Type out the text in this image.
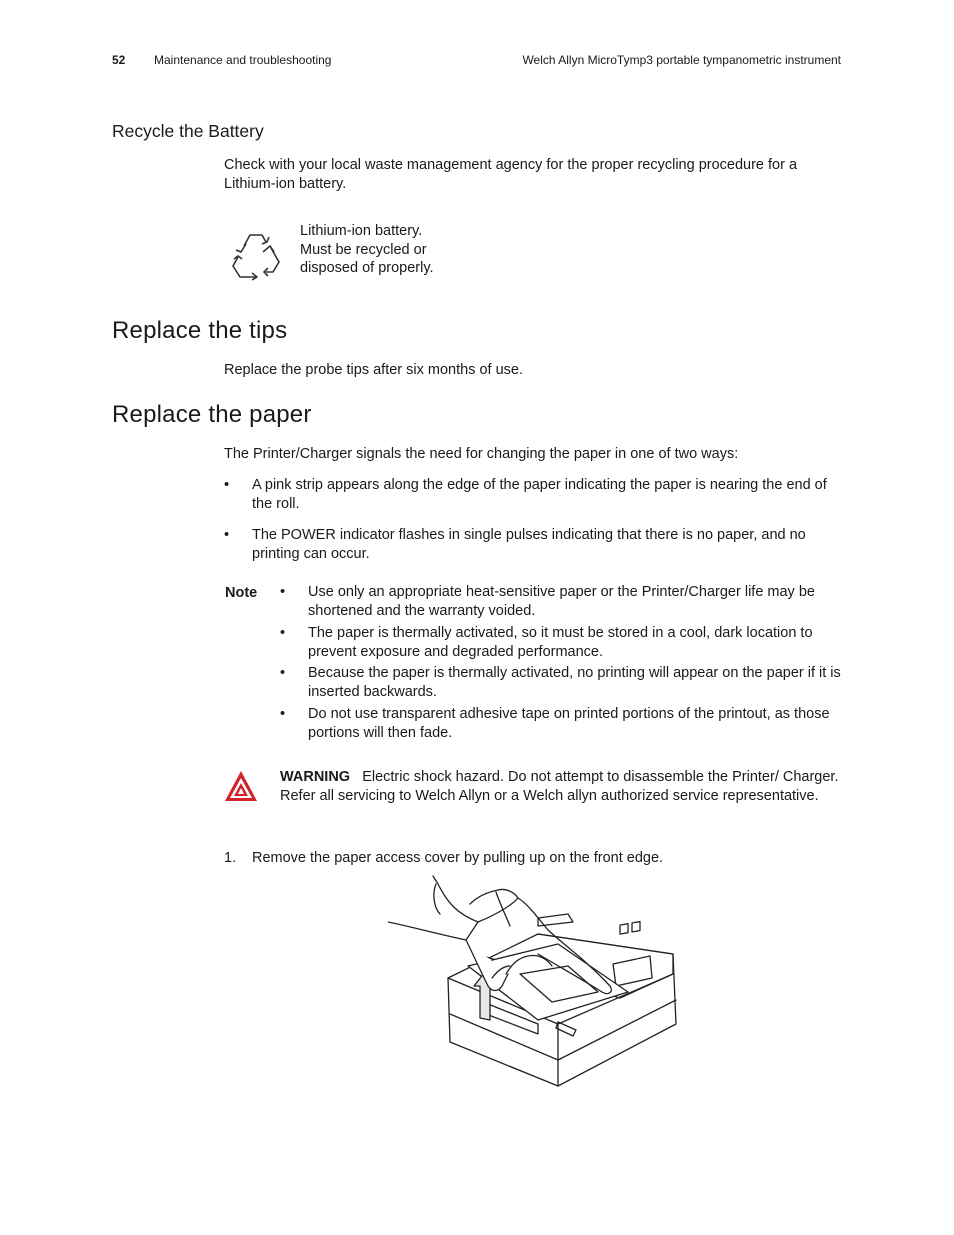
52 Maintenance and troubleshooting	Welch Allyn MicroTymp3 portable tympanometric instrument
Recycle the Battery
Check with your local waste management agency for the proper recycling procedure for a Lithium-ion battery.
Lithium-ion battery.
Must be recycled or
disposed of properly.
Replace the tips
Replace the probe tips after six months of use.
Replace the paper
The Printer/Charger signals the need for changing the paper in one of two ways:
• A pink strip appears along the edge of the paper indicating the paper is nearing the end of the roll.
• The POWER indicator flashes in single pulses indicating that there is no paper, and no printing can occur.
Note • Use only an appropriate heat-sensitive paper or the Printer/Charger life may be shortened and the warranty voided.
• The paper is thermally activated, so it must be stored in a cool, dark location to prevent exposure and degraded performance.
• Because the paper is thermally activated, no printing will appear on the paper if it is inserted backwards.
• Do not use transparent adhesive tape on printed portions of the printout, as those portions will then fade.
WARNING Electric shock hazard. Do not attempt to disassemble the Printer/ Charger. Refer all servicing to Welch Allyn or a Welch allyn authorized service representative.
1. Remove the paper access cover by pulling up on the front edge.
